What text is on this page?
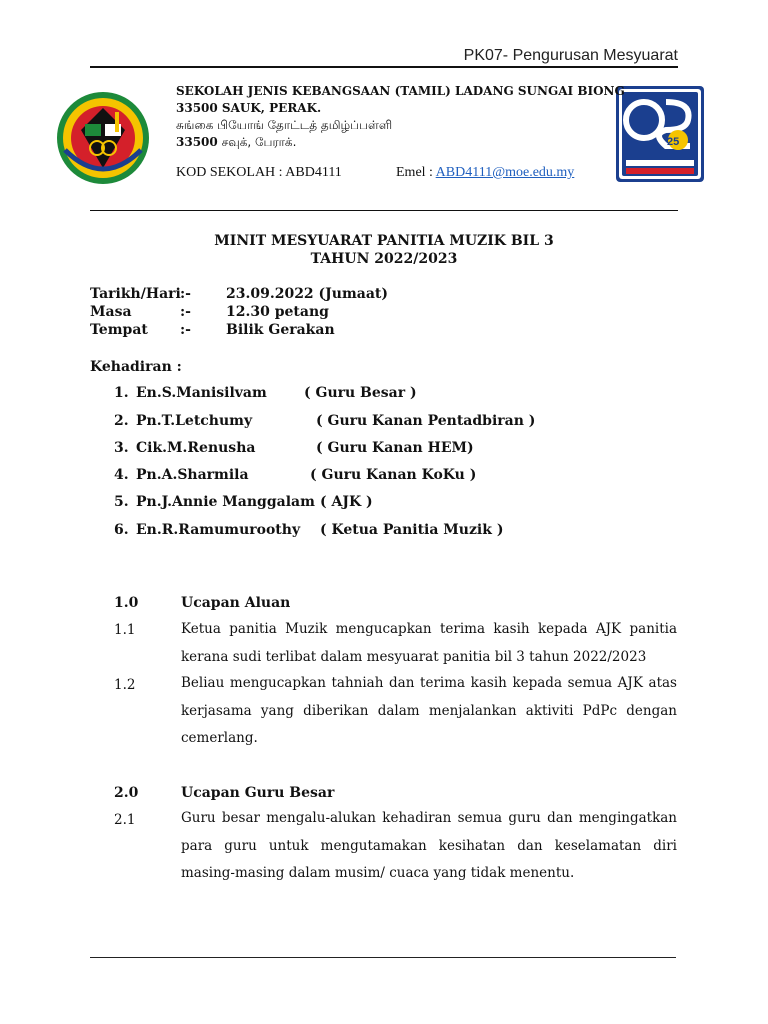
PK07- Pengurusan Mesyuarat
25
SEKOLAH JENIS KEBANGSAAN (TAMIL) LADANG SUNGAI BIONG
33500 SAUK, PERAK.
சுங்கை பியோங் தோட்டத் தமிழ்ப்பள்ளி
33500 சவுக், பேராக்.
KOD SEKOLAH : ABD4111	Emel : ABD4111@moe.edu.my
MINIT MESYUARAT PANITIA MUZIK BIL 3
TAHUN 2022/2023
Tarikh/Hari :-	23.09.2022 (Jumaat)
Masa	:-	12.30 petang
Tempat :-	Bilik Gerakan
Kehadiran :
1. En.S.Manisilvam	( Guru Besar )
2. Pn.T.Letchumy	( Guru Kanan Pentadbiran )
3. Cik.M.Renusha	( Guru Kanan HEM)
4. Pn.A.Sharmila	( Guru Kanan KoKu )
5. Pn.J.Annie Manggalam ( AJK )
6. En.R.Ramumuroothy ( Ketua Panitia Muzik )
1.0	Ucapan Aluan
1.1	Ketua panitia Muzik mengucapkan terima kasih kepada AJK panitia kerana sudi terlibat dalam mesyuarat panitia bil 3 tahun 2022/2023
1.2	Beliau mengucapkan tahniah dan terima kasih kepada semua AJK atas kerjasama yang diberikan dalam menjalankan aktiviti PdPc dengan cemerlang.
2.0	Ucapan Guru Besar
2.1	Guru besar mengalu-alukan kehadiran semua guru dan mengingatkan para guru untuk mengutamakan kesihatan dan keselamatan diri masing-masing dalam musim/ cuaca yang tidak menentu.
